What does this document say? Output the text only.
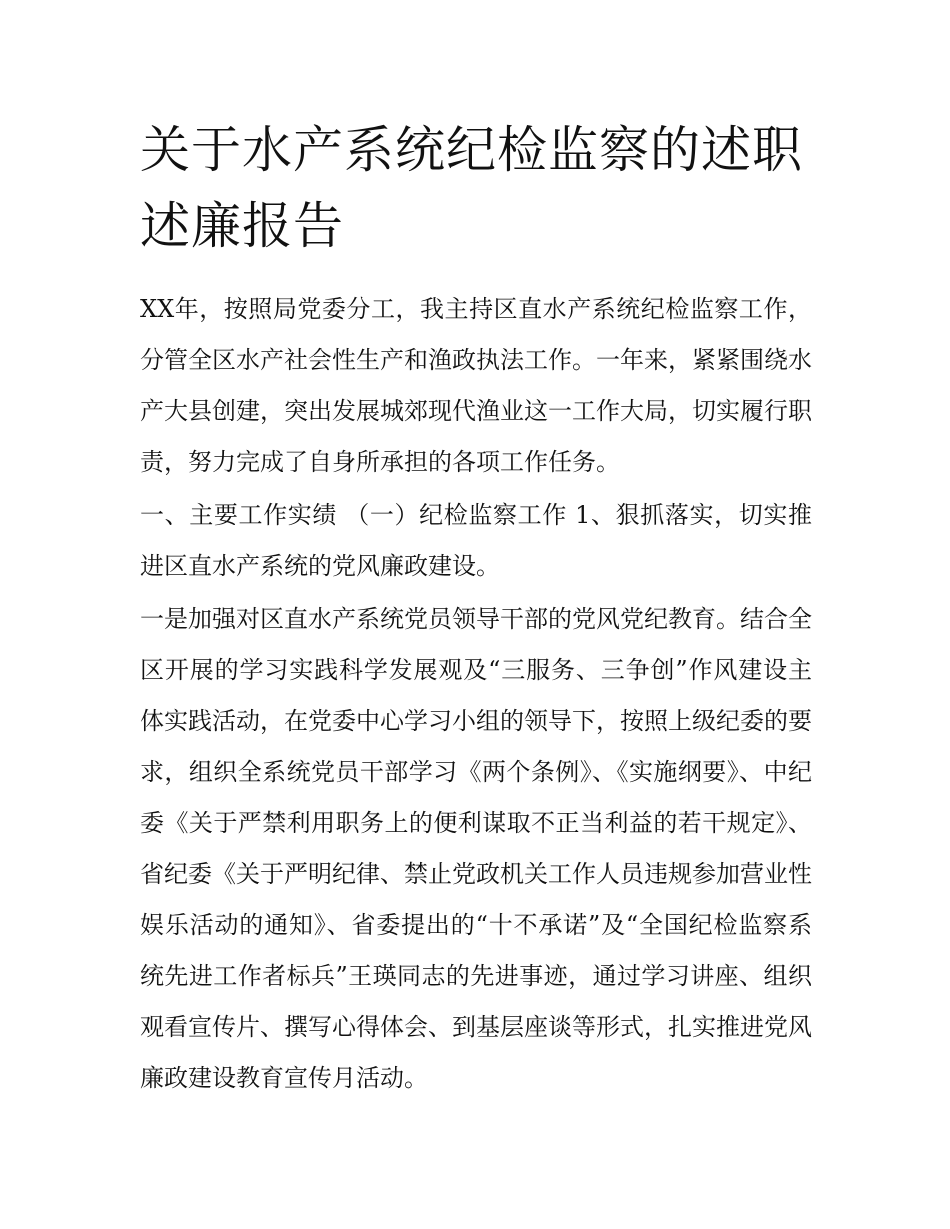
关于水产系统纪检监察的述职述廉报告

XX年，按照局党委分工，我主持区直水产系统纪检监察工作，分管全区水产社会性生产和渔政执法工作。一年来，紧紧围绕水产大县创建，突出发展城郊现代渔业这一工作大局，切实履行职责，努力完成了自身所承担的各项工作任务。

一、主要工作实绩 （一）纪检监察工作 1、狠抓落实，切实推进区直水产系统的党风廉政建设。

一是加强对区直水产系统党员领导干部的党风党纪教育。结合全区开展的学习实践科学发展观及“三服务、三争创”作风建设主体实践活动，在党委中心学习小组的领导下，按照上级纪委的要求，组织全系统党员干部学习《两个条例》、《实施纲要》、中纪委《关于严禁利用职务上的便利谋取不正当利益的若干规定》、省纪委《关于严明纪律、禁止党政机关工作人员违规参加营业性娱乐活动的通知》、省委提出的“十不承诺”及“全国纪检监察系统先进工作者标兵”王瑛同志的先进事迹，通过学习讲座、组织观看宣传片、撰写心得体会、到基层座谈等形式，扎实推进党风廉政建设教育宣传月活动。
